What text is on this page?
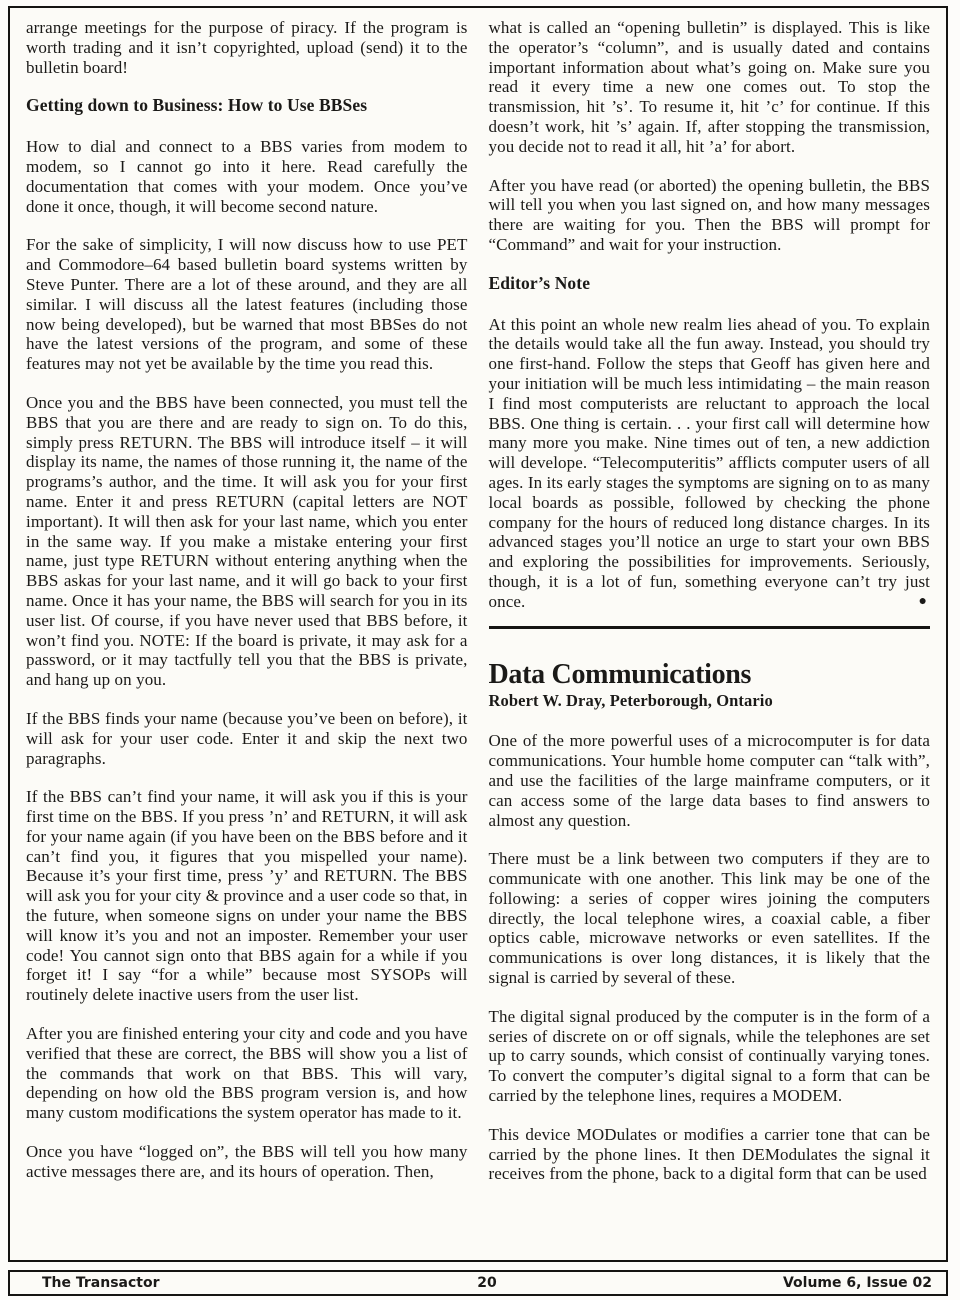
arrange meetings for the purpose of piracy. If the program is worth trading and it isn’t copyrighted, upload (send) it to the bulletin board!

Getting down to Business: How to Use BBSes

How to dial and connect to a BBS varies from modem to modem, so I cannot go into it here. Read carefully the documentation that comes with your modem. Once you’ve done it once, though, it will become second nature.

For the sake of simplicity, I will now discuss how to use PET and Commodore–64 based bulletin board systems written by Steve Punter. There are a lot of these around, and they are all similar. I will discuss all the latest features (including those now being developed), but be warned that most BBSes do not have the latest versions of the program, and some of these features may not yet be available by the time you read this.

Once you and the BBS have been connected, you must tell the BBS that you are there and are ready to sign on. To do this, simply press RETURN. The BBS will introduce itself – it will display its name, the names of those running it, the name of the programs’s author, and the time. It will ask you for your first name. Enter it and press RETURN (capital letters are NOT important). It will then ask for your last name, which you enter in the same way. If you make a mistake entering your first name, just type RETURN without entering anything when the BBS askas for your last name, and it will go back to your first name. Once it has your name, the BBS will search for you in its user list. Of course, if you have never used that BBS before, it won’t find you. NOTE: If the board is private, it may ask for a password, or it may tactfully tell you that the BBS is private, and hang up on you.

If the BBS finds your name (because you’ve been on before), it will ask for your user code. Enter it and skip the next two paragraphs.

If the BBS can’t find your name, it will ask you if this is your first time on the BBS. If you press ’n’ and RETURN, it will ask for your name again (if you have been on the BBS before and it can’t find you, it figures that you mispelled your name). Because it’s your first time, press ’y’ and RETURN. The BBS will ask you for your city & province and a user code so that, in the future, when someone signs on under your name the BBS will know it’s you and not an imposter. Remember your user code! You cannot sign onto that BBS again for a while if you forget it! I say “for a while” because most SYSOPs will routinely delete inactive users from the user list.

After you are finished entering your city and code and you have verified that these are correct, the BBS will show you a list of the commands that work on that BBS. This will vary, depending on how old the BBS program version is, and how many custom modifications the system operator has made to it.

Once you have “logged on”, the BBS will tell you how many active messages there are, and its hours of operation. Then,

what is called an “opening bulletin” is displayed. This is like the operator’s “column”, and is usually dated and contains important information about what’s going on. Make sure you read it every time a new one comes out. To stop the transmission, hit ’s’. To resume it, hit ’c’ for continue. If this doesn’t work, hit ’s’ again. If, after stopping the transmission, you decide not to read it all, hit ’a’ for abort.

After you have read (or aborted) the opening bulletin, the BBS will tell you when you last signed on, and how many messages there are waiting for you. Then the BBS will prompt for “Command” and wait for your instruction.

Editor’s Note

At this point an whole new realm lies ahead of you. To explain the details would take all the fun away. Instead, you should try one first-hand. Follow the steps that Geoff has given here and your initiation will be much less intimidating – the main reason I find most computerists are reluctant to approach the local BBS. One thing is certain. . . your first call will determine how many more you make. Nine times out of ten, a new addiction will develope. “Telecomputeritis” afflicts computer users of all ages. In its early stages the symptoms are signing on to as many local boards as possible, followed by checking the phone company for the hours of reduced long distance charges. In its advanced stages you’ll notice an urge to start your own BBS and exploring the possibilities for improvements. Seriously, though, it is a lot of fun, something everyone can’t try just once.	●

Data Communications
Robert W. Dray, Peterborough, Ontario

One of the more powerful uses of a microcomputer is for data communications. Your humble home computer can “talk with”, and use the facilities of the large mainframe computers, or it can access some of the large data bases to find answers to almost any question.

There must be a link between two computers if they are to communicate with one another. This link may be one of the following: a series of copper wires joining the computers directly, the local telephone wires, a coaxial cable, a fiber optics cable, microwave networks or even satellites. If the communications is over long distances, it is likely that the signal is carried by several of these.

The digital signal produced by the computer is in the form of a series of discrete on or off signals, while the telephones are set up to carry sounds, which consist of continually varying tones. To convert the computer’s digital signal to a form that can be carried by the telephone lines, requires a MODEM.

This device MODulates or modifies a carrier tone that can be carried by the phone lines. It then DEModulates the signal it receives from the phone, back to a digital form that can be used

The Transactor	20	Volume 6, Issue 02
